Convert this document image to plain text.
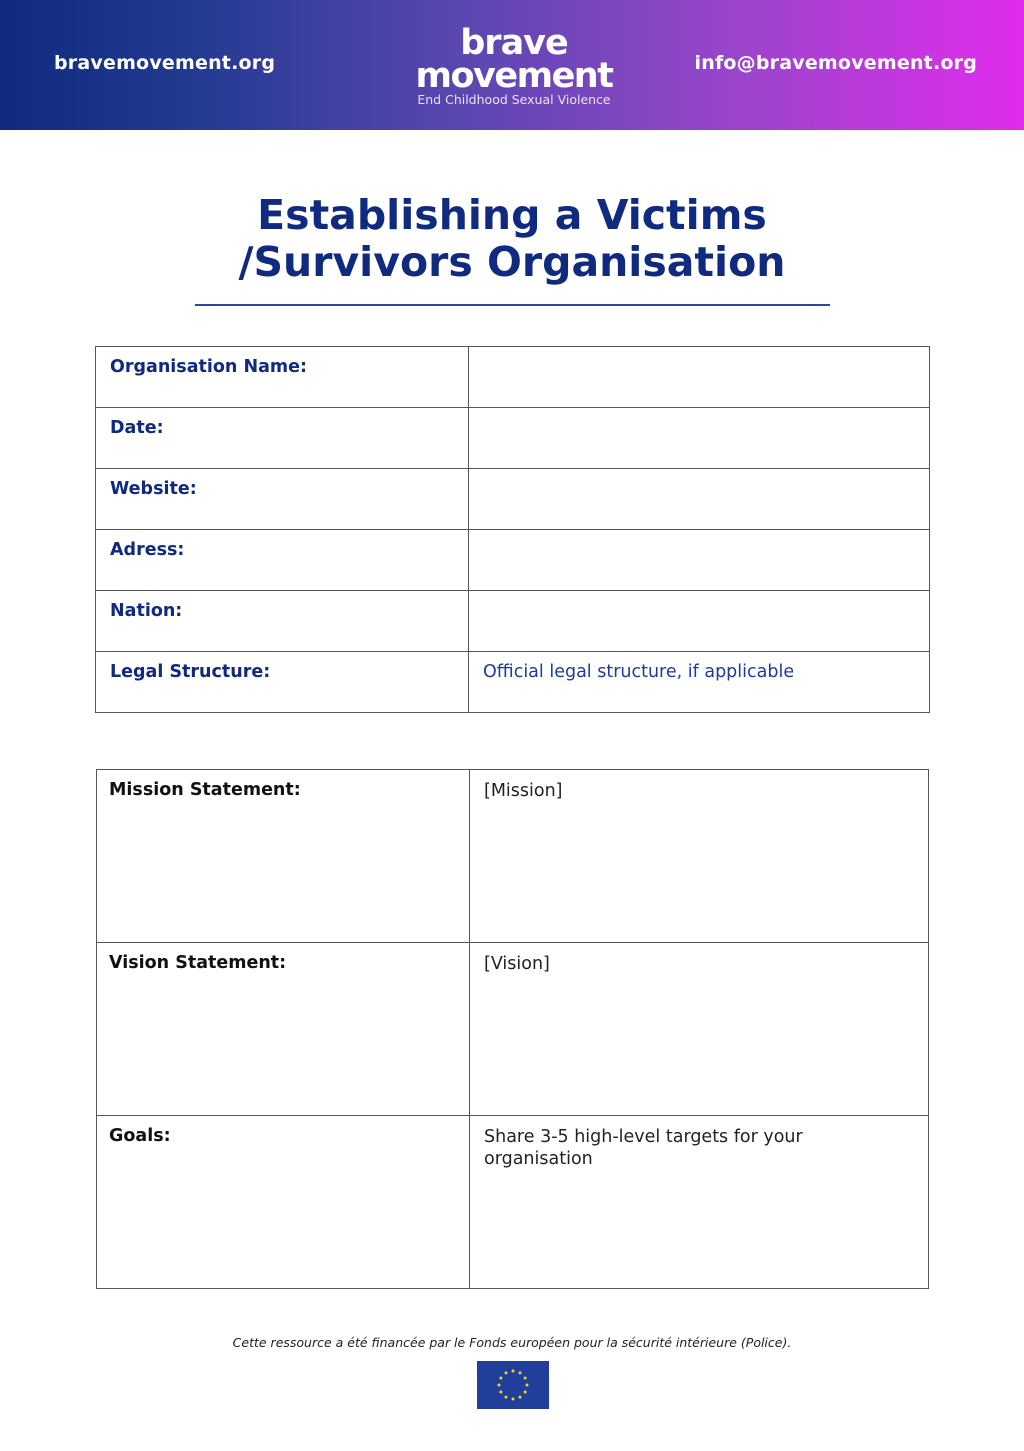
bravemovement.org	brave
movement
End Childhood Sexual Violence
info@bravemovement.org
Establishing a Victims
/Survivors Organisation
Organisation Name:	
Date:	
Website:	
Adress:	
Nation:	
Legal Structure:	Official legal structure, if applicable
Mission Statement:	[Mission]
Vision Statement:	[Vision]
Goals:	Share 3-5 high-level targets for your organisation
Cette ressource a été financée par le Fonds européen pour la sécurité intérieure (Police).
